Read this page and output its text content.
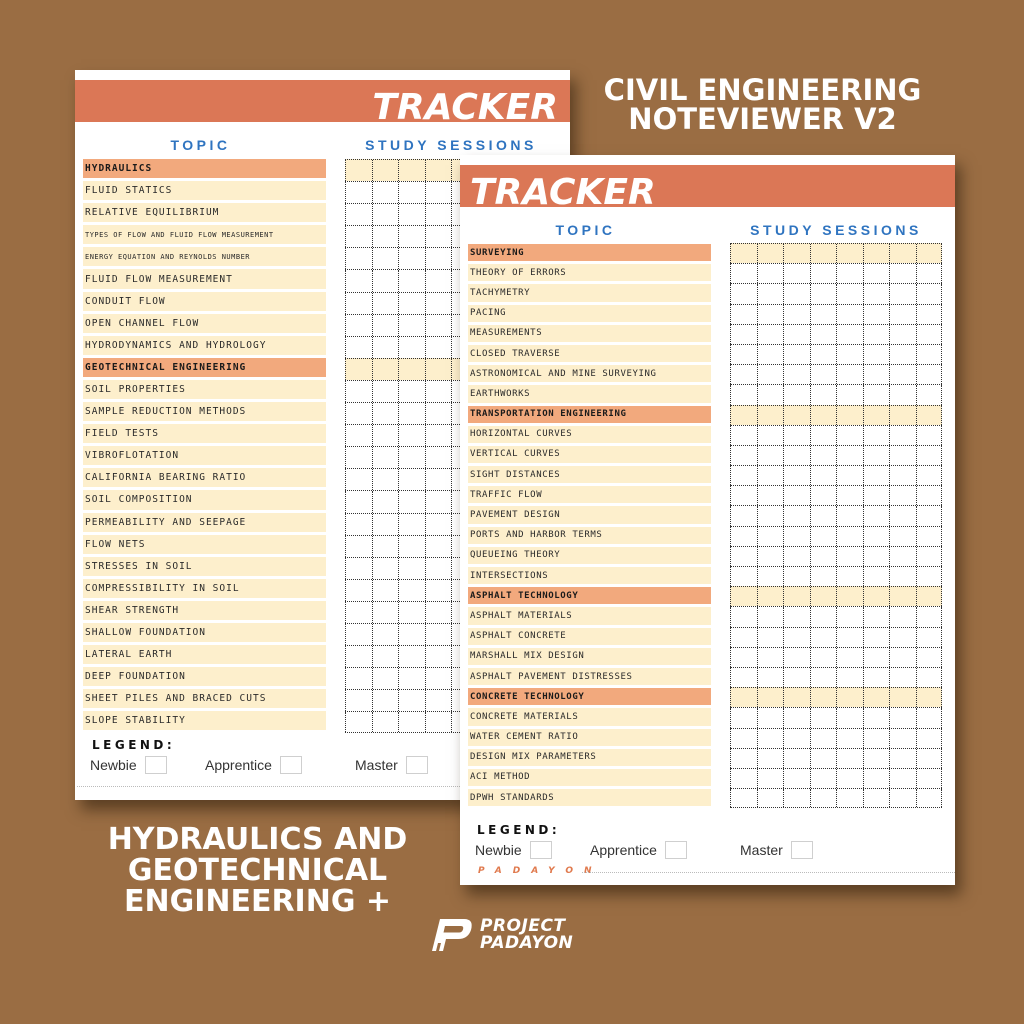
TRACKER
TOPIC	STUDY SESSIONS
HYDRAULICS
FLUID STATICS
RELATIVE EQUILIBRIUM
TYPES OF FLOW AND FLUID FLOW MEASUREMENT
ENERGY EQUATION AND REYNOLDS NUMBER
FLUID FLOW MEASUREMENT
CONDUIT FLOW
OPEN CHANNEL FLOW
HYDRODYNAMICS AND HYDROLOGY
GEOTECHNICAL ENGINEERING
SOIL PROPERTIES
SAMPLE REDUCTION METHODS
FIELD TESTS
VIBROFLOTATION
CALIFORNIA BEARING RATIO
SOIL COMPOSITION
PERMEABILITY AND SEEPAGE
FLOW NETS
STRESSES IN SOIL
COMPRESSIBILITY IN SOIL
SHEAR STRENGTH
SHALLOW FOUNDATION
LATERAL EARTH
DEEP FOUNDATION
SHEET PILES AND BRACED CUTS
SLOPE STABILITY
LEGEND:
Newbie	Apprentice	Master
TRACKER
TOPIC	STUDY SESSIONS
SURVEYING
THEORY OF ERRORS
TACHYMETRY
PACING
MEASUREMENTS
CLOSED TRAVERSE
ASTRONOMICAL AND MINE SURVEYING
EARTHWORKS
TRANSPORTATION ENGINEERING
HORIZONTAL CURVES
VERTICAL CURVES
SIGHT DISTANCES
TRAFFIC FLOW
PAVEMENT DESIGN
PORTS AND HARBOR TERMS
QUEUEING THEORY
INTERSECTIONS
ASPHALT TECHNOLOGY
ASPHALT MATERIALS
ASPHALT CONCRETE
MARSHALL MIX DESIGN
ASPHALT PAVEMENT DISTRESSES
CONCRETE TECHNOLOGY
CONCRETE MATERIALS
WATER CEMENT RATIO
DESIGN MIX PARAMETERS
ACI METHOD
DPWH STANDARDS
LEGEND:
Newbie	Apprentice	Master
PADAYON
CIVIL ENGINEERING NOTEVIEWER V2
HYDRAULICS AND GEOTECHNICAL ENGINEERING +
PROJECT
PADAYON
